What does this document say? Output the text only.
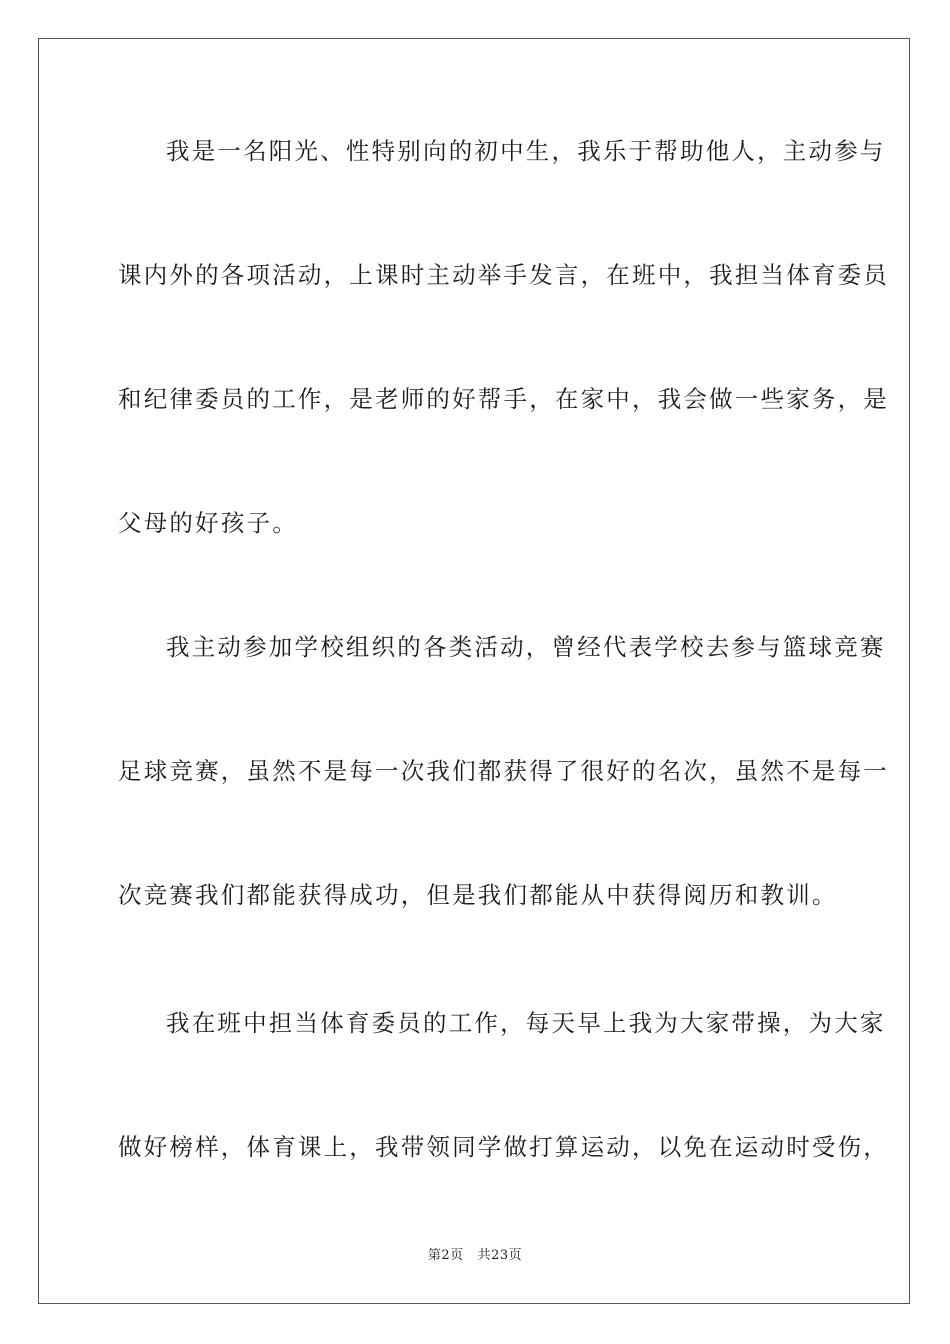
我是一名阳光、性特别向的初中生，我乐于帮助他人，主动参与
课内外的各项活动，上课时主动举手发言，在班中，我担当体育委员
和纪律委员的工作，是老师的好帮手，在家中，我会做一些家务，是
父母的好孩子。
我主动参加学校组织的各类活动，曾经代表学校去参与篮球竞赛
足球竞赛，虽然不是每一次我们都获得了很好的名次，虽然不是每一
次竞赛我们都能获得成功，但是我们都能从中获得阅历和教训。
我在班中担当体育委员的工作，每天早上我为大家带操，为大家
做好榜样，体育课上，我带领同学做打算运动，以免在运动时受伤，
第2页 共23页
